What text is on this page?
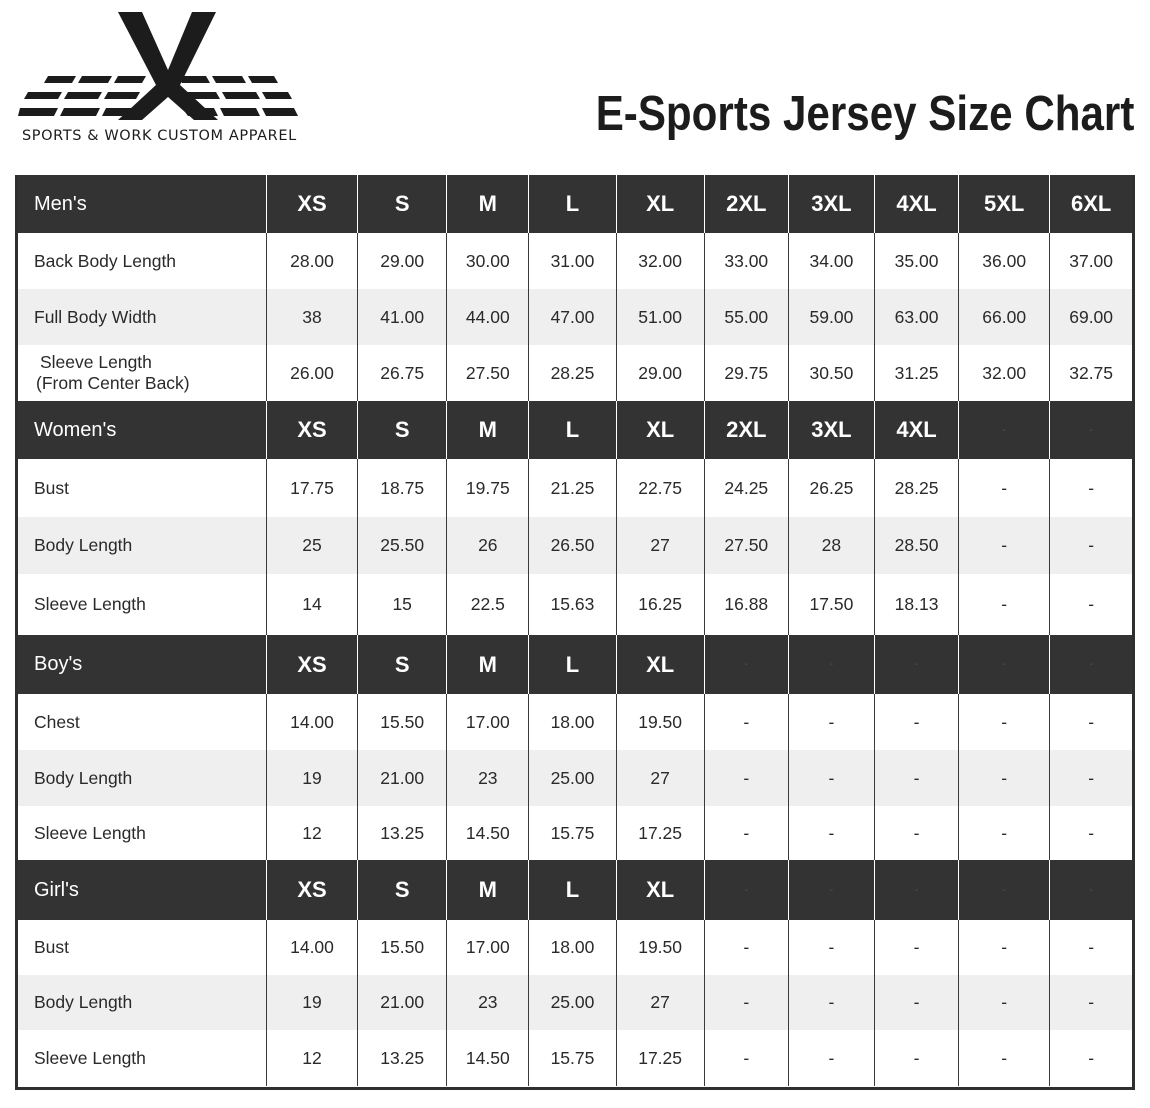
SPORTS & WORK CUSTOM APPAREL	E-Sports Jersey Size Chart
Men's	XS	S	M	L	XL	2XL	3XL	4XL	5XL	6XL

Back Body Length	28.00	29.00	30.00	31.00	32.00	33.00	34.00	35.00	36.00	37.00

Full Body Width	38	41.00	44.00	47.00	51.00	55.00	59.00	63.00	66.00	69.00

Sleeve Length
(From Center Back)	26.00	26.75	27.50	28.25	29.00	29.75	30.50	31.25	32.00	32.75
Women's	XS	S	M	L	XL	2XL	3XL	4XL	-	-

Bust	17.75	18.75	19.75	21.25	22.75	24.25	26.25	28.25	-	-

Body Length	25	25.50	26	26.50	27	27.50	28	28.50	-	-

Sleeve Length	14	15	22.5	15.63	16.25	16.88	17.50	18.13	-	-
Boy's	XS	S	M	L	XL	-	-	-	-	-

Chest	14.00	15.50	17.00	18.00	19.50	-	-	-	-	-

Body Length	19	21.00	23	25.00	27	-	-	-	-	-

Sleeve Length	12	13.25	14.50	15.75	17.25	-	-	-	-	-
Girl's	XS	S	M	L	XL	-	-	-	-	-

Bust	14.00	15.50	17.00	18.00	19.50	-	-	-	-	-

Body Length	19	21.00	23	25.00	27	-	-	-	-	-

Sleeve Length	12	13.25	14.50	15.75	17.25	-	-	-	-	-
